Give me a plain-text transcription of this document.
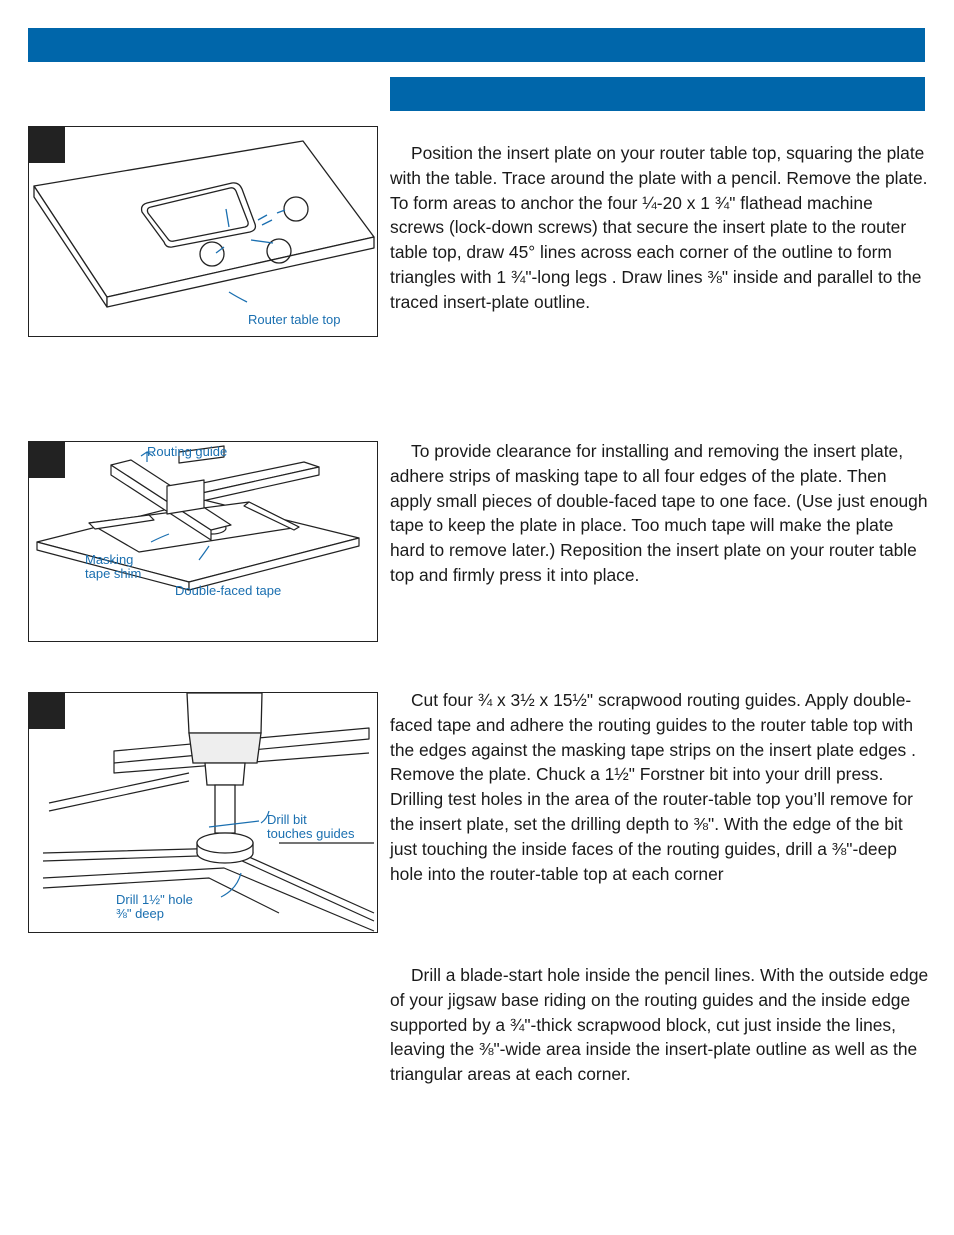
Router table top
Routing guide
Masking
tape shim
Double-faced tape
Drill bit
touches guides
Drill 1½" hole
⅜" deep

Position the insert plate on your router table top, squaring the plate with the table. Trace around the plate with a pencil. Remove the plate. To form areas to anchor the four ¼-20 x 1 ¾" flathead machine screws (lock-down screws) that secure the insert plate to the router table top, draw 45° lines across each corner of the outline to form triangles with 1 ¾"-long legs . Draw lines ⅜" inside and parallel to the traced insert-plate outline.

To provide clearance for installing and removing the insert plate, adhere strips of masking tape to all four edges of the plate. Then apply small pieces of double-faced tape to one face. (Use just enough tape to keep the plate in place. Too much tape will make the plate hard to remove later.) Reposition the insert plate on your router table top and firmly press it into place.

Cut four ¾ x 3½ x 15½" scrapwood routing guides. Apply double-faced tape and adhere the routing guides to the router table top with the edges against the masking tape strips on the insert plate edges . Remove the plate. Chuck a 1½" Forstner bit into your drill press. Drilling test holes in the area of the router-table top you’ll remove for the insert plate, set the drilling depth to ⅜". With the edge of the bit just touching the inside faces of the routing guides, drill a ⅜"-deep hole into the router-table top at each corner

Drill a blade-start hole inside the pencil lines. With the outside edge of your jigsaw base riding on the routing guides and the inside edge supported by a ¾"-thick scrapwood block, cut just inside the lines, leaving the ⅜"-wide area inside the insert-plate outline as well as the triangular areas at each corner.
